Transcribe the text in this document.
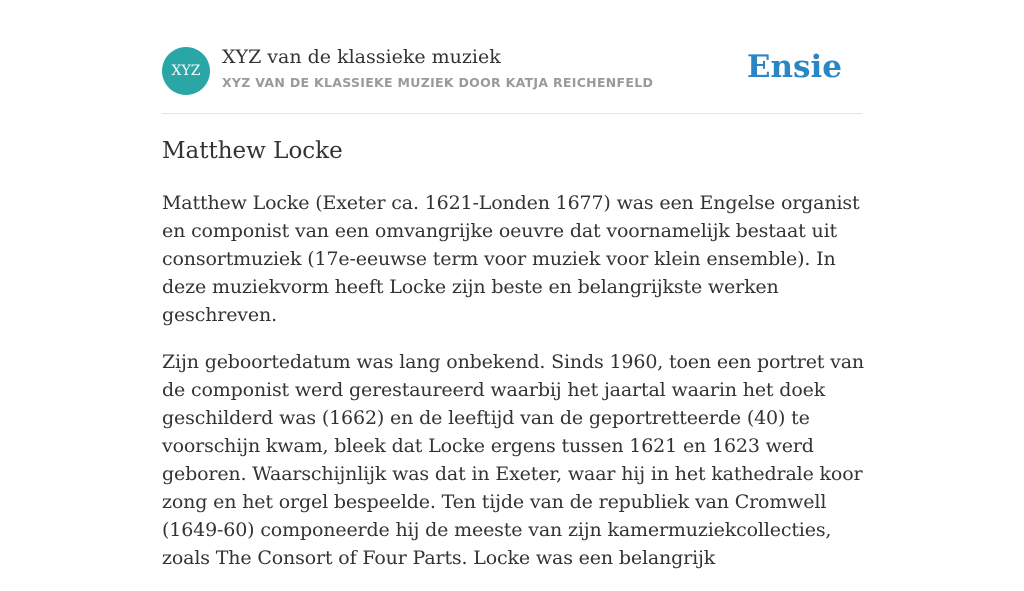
XYZ
XYZ van de klassieke muziek
XYZ VAN DE KLASSIEKE MUZIEK DOOR KATJA REICHENFELD	Ensie
Matthew Locke

Matthew Locke (Exeter ca. 1621-Londen 1677) was een Engelse organist en componist van een omvangrijke oeuvre dat voornamelijk bestaat uit consortmuziek (17e-eeuwse term voor muziek voor klein ensemble). In deze muziekvorm heeft Locke zijn beste en belangrijkste werken geschreven.

Zijn geboortedatum was lang onbekend. Sinds 1960, toen een portret van de componist werd gerestaureerd waarbij het jaartal waarin het doek geschilderd was (1662) en de leeftijd van de geportretteerde (40) te voorschijn kwam, bleek dat Locke ergens tussen 1621 en 1623 werd geboren. Waarschijnlijk was dat in Exeter, waar hij in het kathedrale koor zong en het orgel bespeelde. Ten tijde van de republiek van Cromwell (1649-60) componeerde hij de meeste van zijn kamermuziekcollecties, zoals The Consort of Four Parts. Locke was een belangrijk
